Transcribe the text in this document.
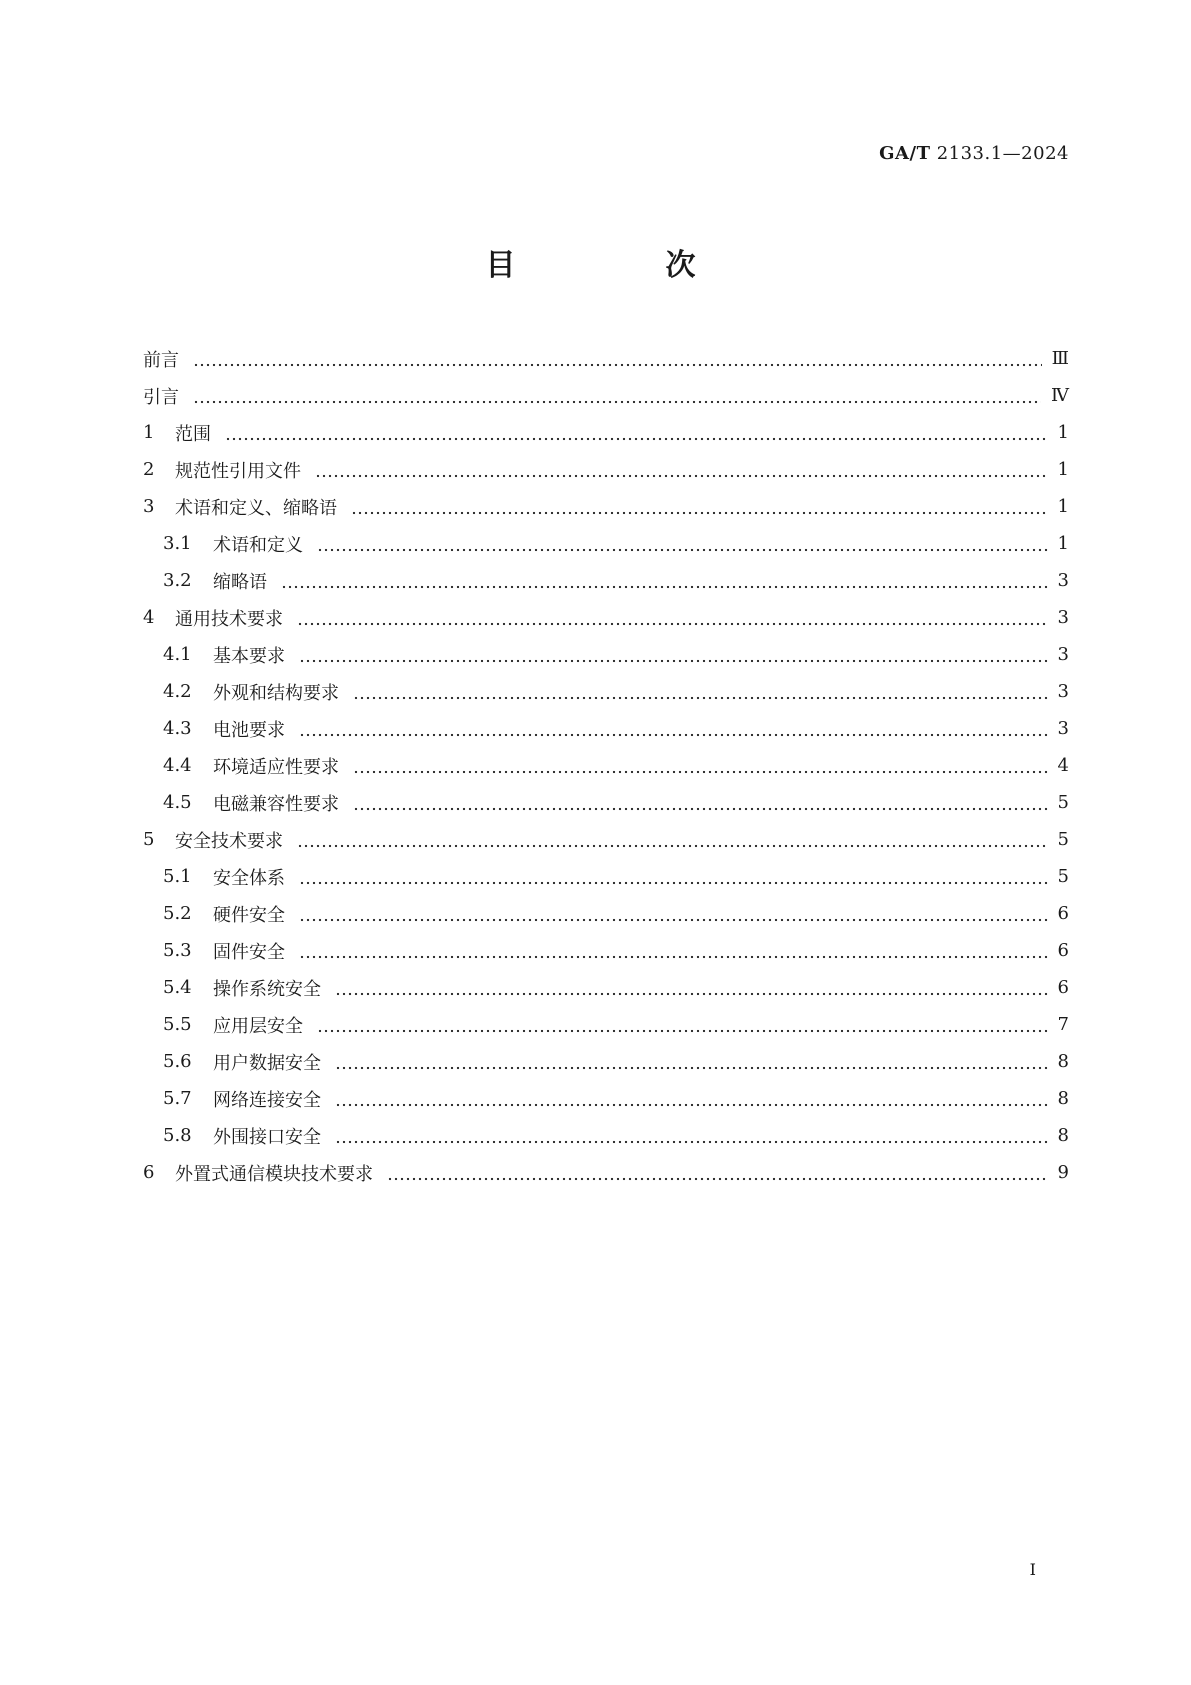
GA/T 2133.1—2024
目　次
前言	Ⅲ
引言	Ⅳ
1	范围	1
2	规范性引用文件	1
3	术语和定义、缩略语	1
3.1	术语和定义	1
3.2	缩略语	3
4	通用技术要求	3
4.1	基本要求	3
4.2	外观和结构要求	3
4.3	电池要求	3
4.4	环境适应性要求	4
4.5	电磁兼容性要求	5
5	安全技术要求	5
5.1	安全体系	5
5.2	硬件安全	6
5.3	固件安全	6
5.4	操作系统安全	6
5.5	应用层安全	7
5.6	用户数据安全	8
5.7	网络连接安全	8
5.8	外围接口安全	8
6	外置式通信模块技术要求	9
I
